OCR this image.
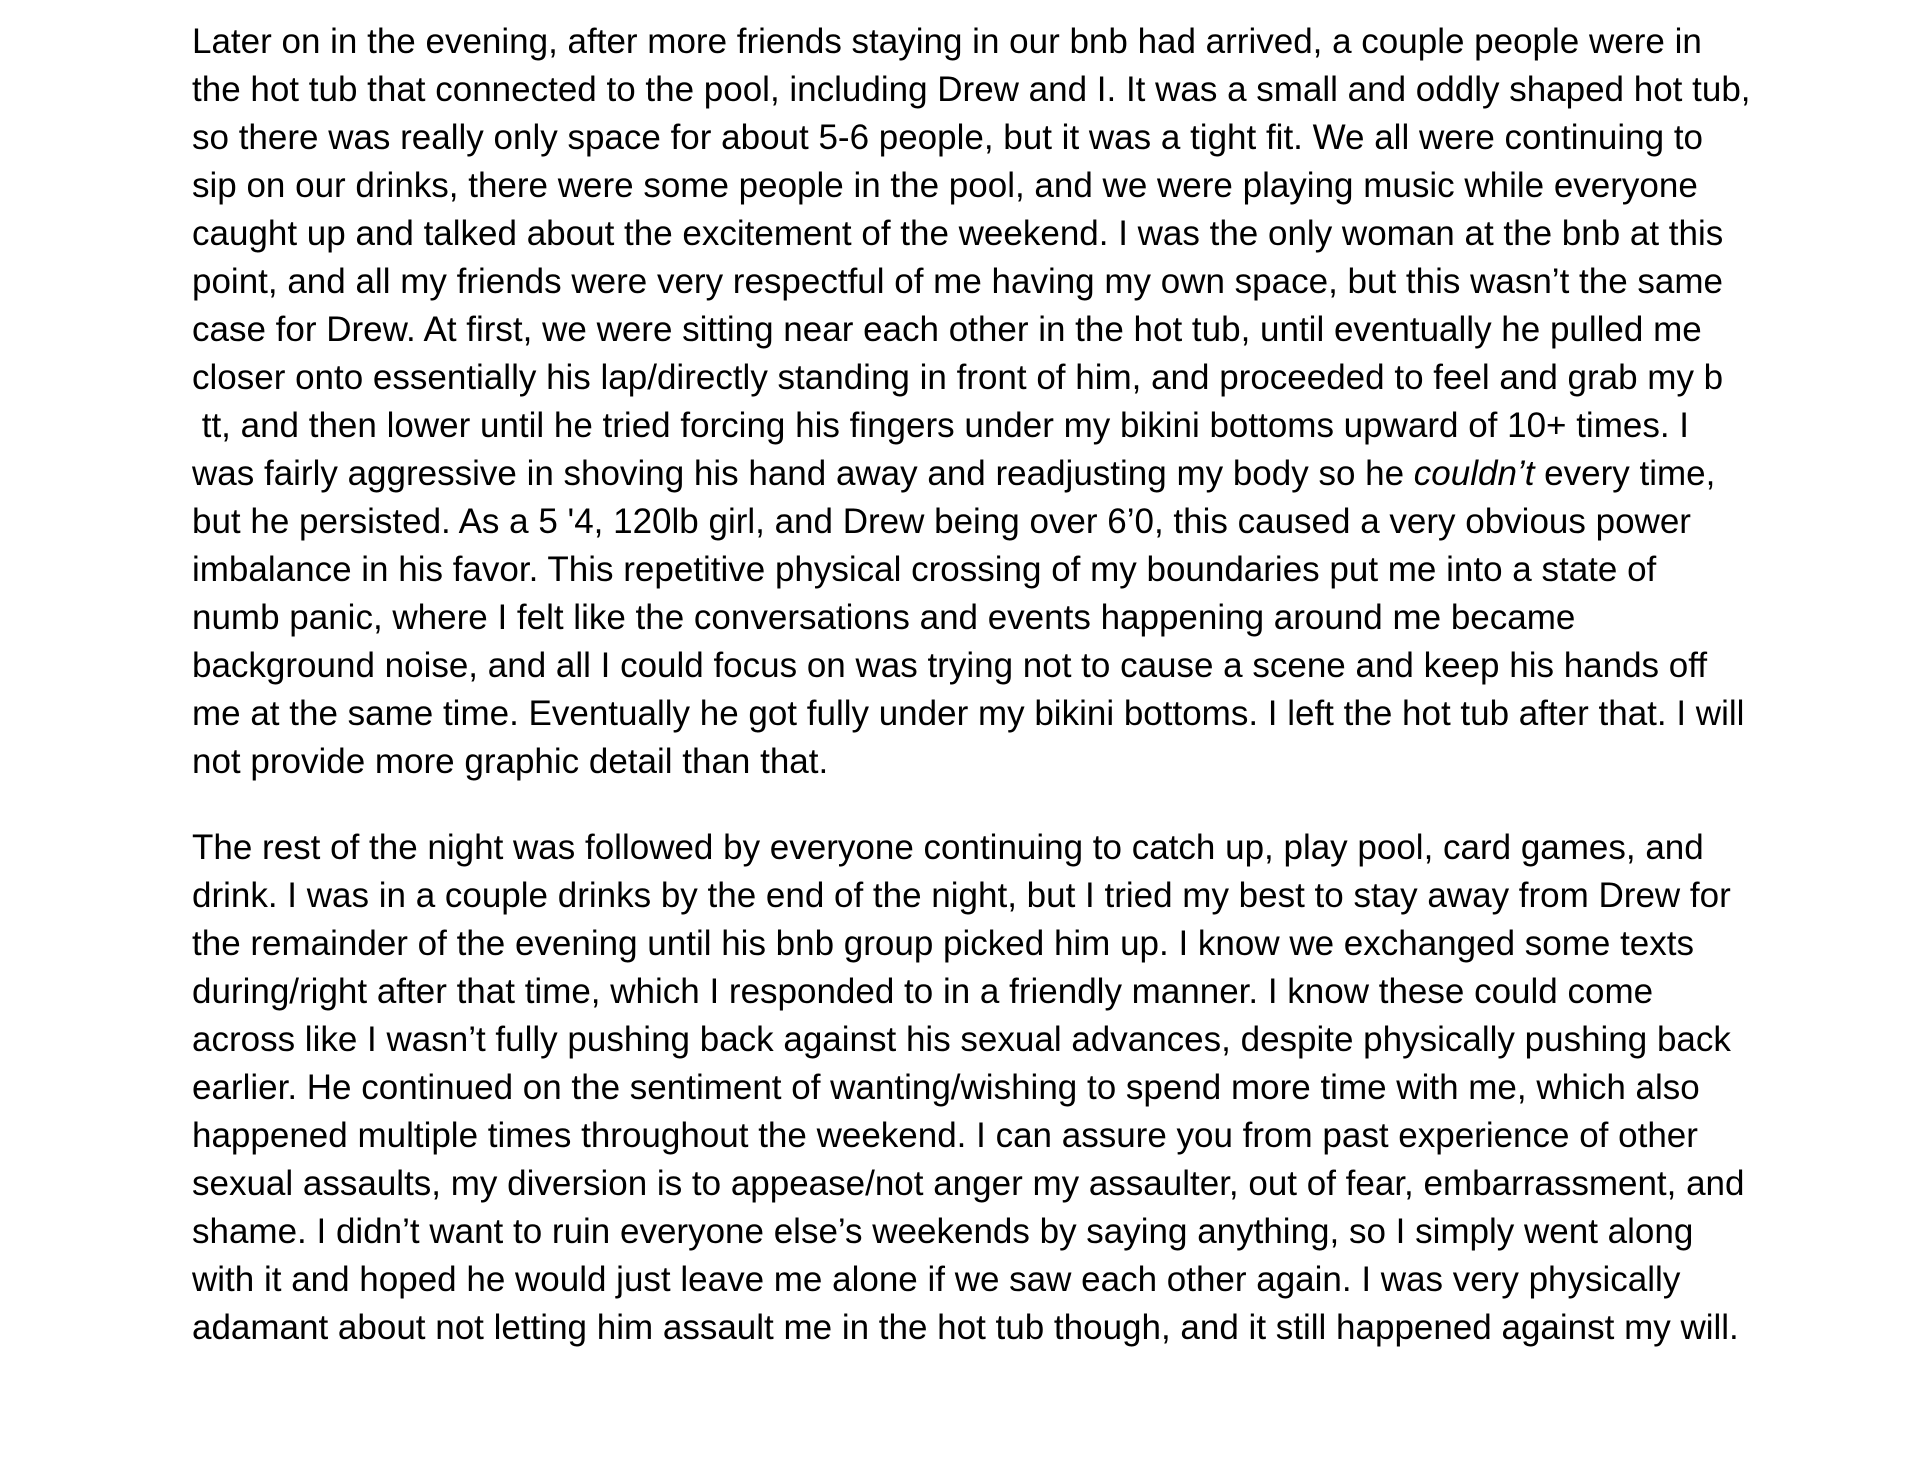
Later on in the evening, after more friends staying in our bnb had arrived, a couple people were in the hot tub that connected to the pool, including Drew and I. It was a small and oddly shaped hot tub, so there was really only space for about 5-6 people, but it was a tight fit. We all were continuing to sip on our drinks, there were some people in the pool, and we were playing music while everyone caught up and talked about the excitement of the weekend. I was the only woman at the bnb at this point, and all my friends were very respectful of me having my own space, but this wasn’t the same case for Drew. At first, we were sitting near each other in the hot tub, until eventually he pulled me closer onto essentially his lap/directly standing in front of him, and proceeded to feel and grab my b  tt, and then lower until he tried forcing his fingers under my bikini bottoms upward of 10+ times. I was fairly aggressive in shoving his hand away and readjusting my body so he couldn’t every time, but he persisted. As a 5 '4, 120lb girl, and Drew being over 6’0, this caused a very obvious power imbalance in his favor. This repetitive physical crossing of my boundaries put me into a state of numb panic, where I felt like the conversations and events happening around me became background noise, and all I could focus on was trying not to cause a scene and keep his hands off me at the same time. Eventually he got fully under my bikini bottoms. I left the hot tub after that. I will not provide more graphic detail than that.

The rest of the night was followed by everyone continuing to catch up, play pool, card games, and drink. I was in a couple drinks by the end of the night, but I tried my best to stay away from Drew for the remainder of the evening until his bnb group picked him up. I know we exchanged some texts during/right after that time, which I responded to in a friendly manner. I know these could come across like I wasn’t fully pushing back against his sexual advances, despite physically pushing back earlier. He continued on the sentiment of wanting/wishing to spend more time with me, which also happened multiple times throughout the weekend. I can assure you from past experience of other sexual assaults, my diversion is to appease/not anger my assaulter, out of fear, embarrassment, and shame. I didn’t want to ruin everyone else’s weekends by saying anything, so I simply went along with it and hoped he would just leave me alone if we saw each other again. I was very physically adamant about not letting him assault me in the hot tub though, and it still happened against my will.
